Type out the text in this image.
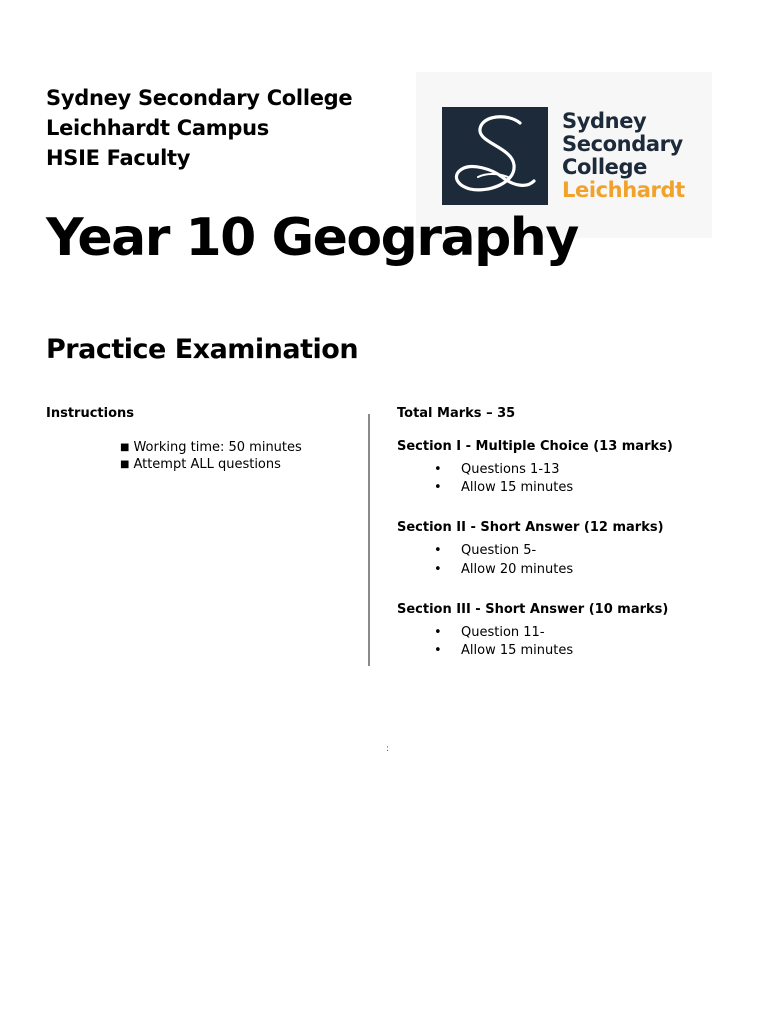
Sydney Secondary College
Leichhardt Campus
HSIE Faculty
Sydney
Secondary
College
Leichhardt
Year 10 Geography
Practice Examination
Instructions
■ Working time: 50 minutes
■ Attempt ALL questions
Total Marks – 35
Section I - Multiple Choice (13 marks)
• Questions 1-13
• Allow 15 minutes
Section II - Short Answer (12 marks)
• Question 5-
• Allow 20 minutes
Section III - Short Answer (10 marks)
• Question 11-
• Allow 15 minutes
:
